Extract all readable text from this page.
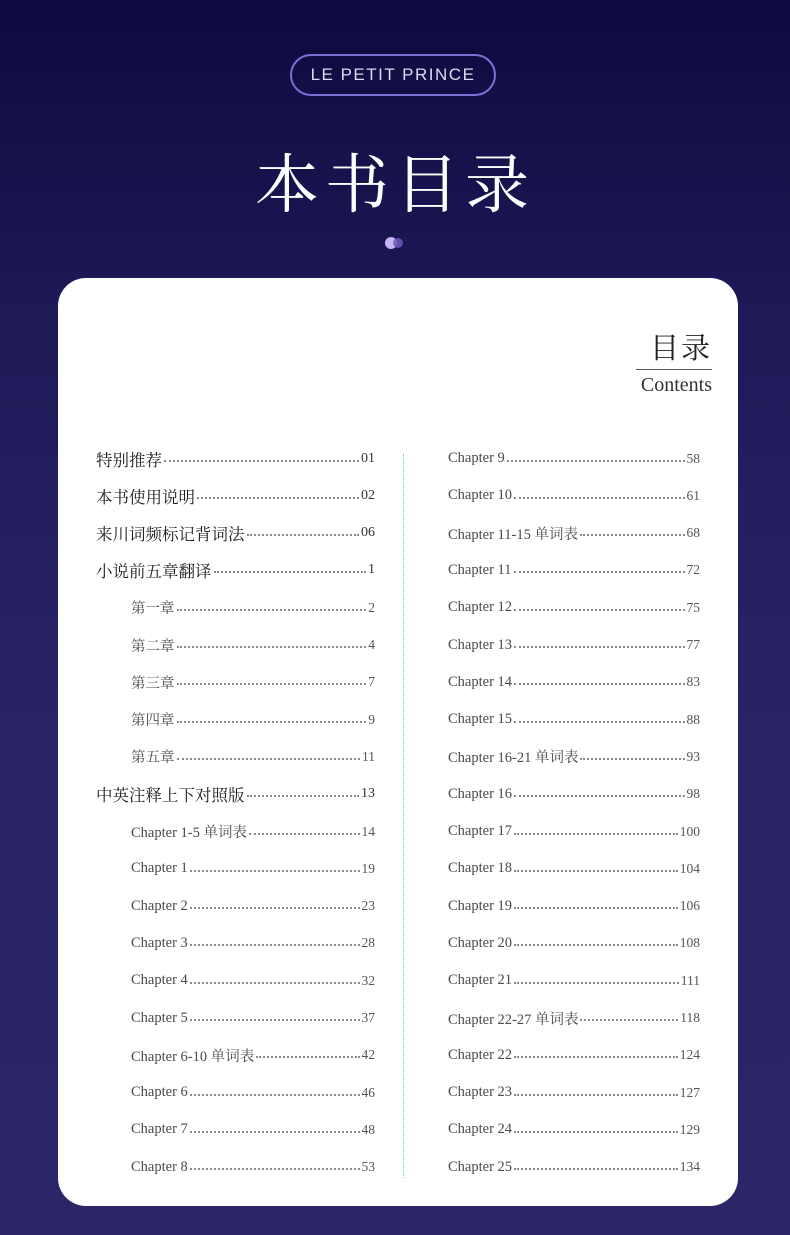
LE PETIT PRINCE
本书目录
目录
Contents
特别推荐	01
本书使用说明	02
来川词频标记背词法	06
小说前五章翻译	1
第一章	2
第二章	4
第三章	7
第四章	9
第五章	11
中英注释上下对照版	13
Chapter 1-5 单词表	14
Chapter 1	19
Chapter 2	23
Chapter 3	28
Chapter 4	32
Chapter 5	37
Chapter 6-10 单词表	42
Chapter 6	46
Chapter 7	48
Chapter 8	53
Chapter 9	58
Chapter 10	61
Chapter 11-15 单词表	68
Chapter 11	72
Chapter 12	75
Chapter 13	77
Chapter 14	83
Chapter 15	88
Chapter 16-21 单词表	93
Chapter 16	98
Chapter 17	100
Chapter 18	104
Chapter 19	106
Chapter 20	108
Chapter 21	111
Chapter 22-27 单词表	118
Chapter 22	124
Chapter 23	127
Chapter 24	129
Chapter 25	134
